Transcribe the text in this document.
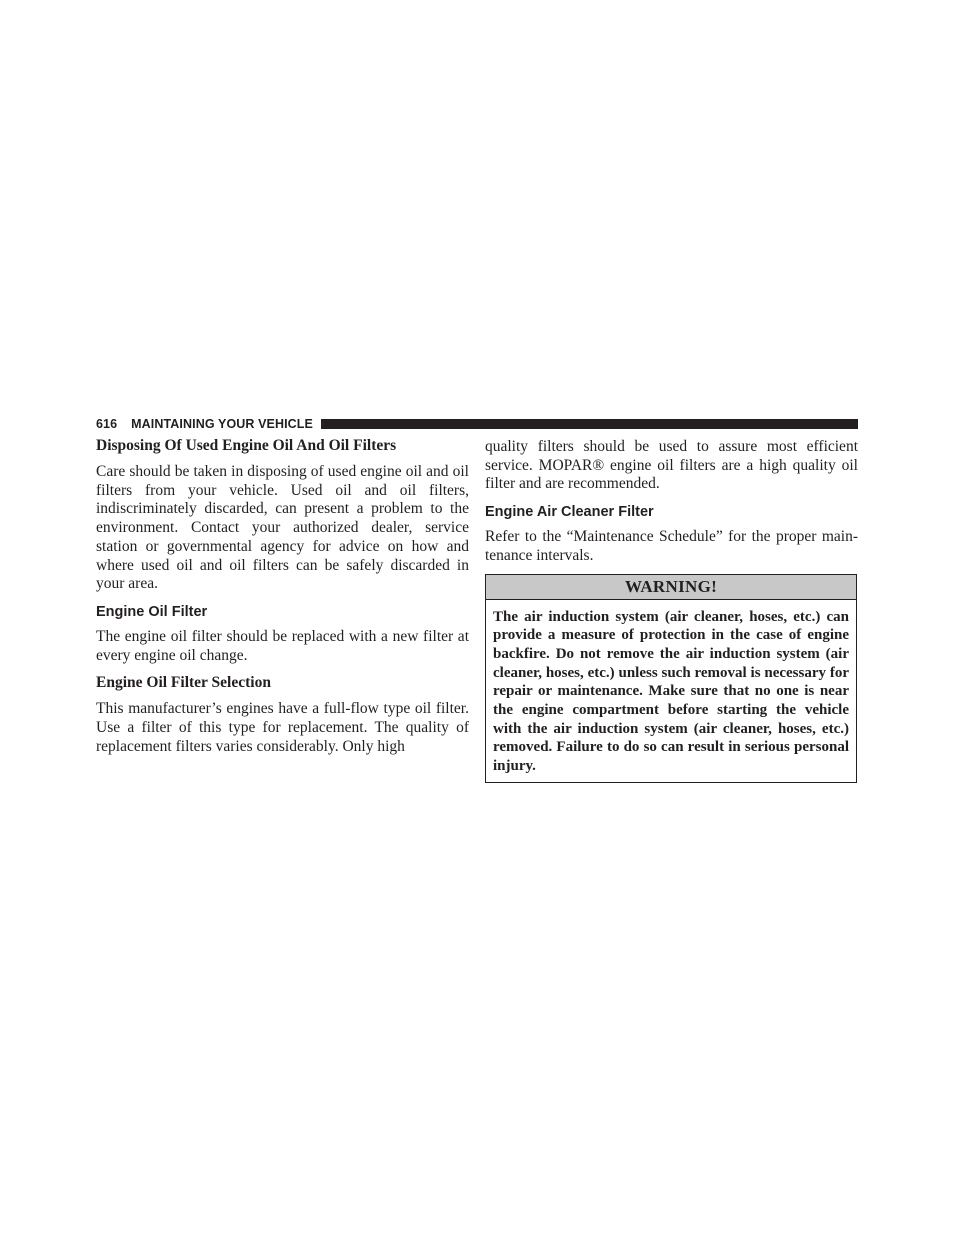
616 MAINTAINING YOUR VEHICLE
Disposing Of Used Engine Oil And Oil Filters

Care should be taken in disposing of used engine oil and oil filters from your vehicle. Used oil and oil filters, indiscriminately discarded, can present a problem to the environment. Contact your authorized dealer, service station or governmental agency for advice on how and where used oil and oil filters can be safely discarded in your area.

Engine Oil Filter

The engine oil filter should be replaced with a new filter at every engine oil change.

Engine Oil Filter Selection

This manufacturer’s engines have a full-flow type oil filter. Use a filter of this type for replacement. The quality of replacement filters varies considerably. Only high

quality filters should be used to assure most efficient service. MOPAR® engine oil filters are a high quality oil filter and are recommended.

Engine Air Cleaner Filter

Refer to the “Maintenance Schedule” for the proper main-tenance intervals.

WARNING!
The air induction system (air cleaner, hoses, etc.) can provide a measure of protection in the case of engine backfire. Do not remove the air induction system (air cleaner, hoses, etc.) unless such removal is necessary for repair or maintenance. Make sure that no one is near the engine compartment before starting the vehicle with the air induction system (air cleaner, hoses, etc.) removed. Failure to do so can result in serious personal injury.
